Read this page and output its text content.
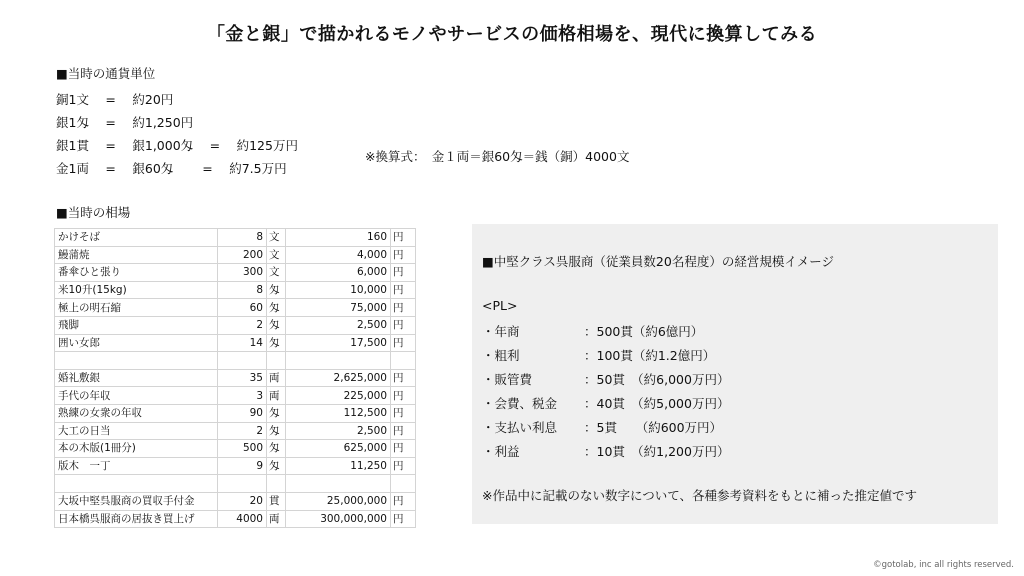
「金と銀」で描かれるモノやサービスの価格相場を、現代に換算してみる
■当時の通貨単位
銅1文　 =　 約20円
銀1匁　 =　 約1,250円
銀1貫　 =　 銀1,000匁　 =　 約125万円
金1両　 =　 銀60匁　　 =　 約7.5万円
※換算式：　金１両＝銀60匁＝銭（銅）4000文
■当時の相場
かけそば	8	文	160	円
鰻蒲焼	200	文	4,000	円
番傘ひと張り	300	文	6,000	円
米10升(15kg)	8	匁	10,000	円
極上の明石縮	60	匁	75,000	円
飛脚	2	匁	2,500	円
囲い女郎	14	匁	17,500	円

婚礼敷銀	35	両	2,625,000	円
手代の年収	3	両	225,000	円
熟練の女衆の年収	90	匁	112,500	円
大工の日当	2	匁	2,500	円
本の木版(1冊分)	500	匁	625,000	円
版木　一丁	9	匁	11,250	円

大坂中堅呉服商の買収手付金	20	貫	25,000,000	円
日本橋呉服商の居抜き買上げ	4000	両	300,000,000	円
■中堅クラス呉服商（従業員数20名程度）の経営規模イメージ
<PL>
・年商	：500貫（約6億円）
・粗利	：100貫（約1.2億円）
・販管費	：50貫　（約6,000万円）
・会費、税金 ：40貫　（約5,000万円）
・支払い利息 ：5貫　　（約600万円）
・利益	：10貫　（約1,200万円）
※作品中に記載のない数字について、各種参考資料をもとに補った推定値です
©gotolab, inc all rights reserved.
